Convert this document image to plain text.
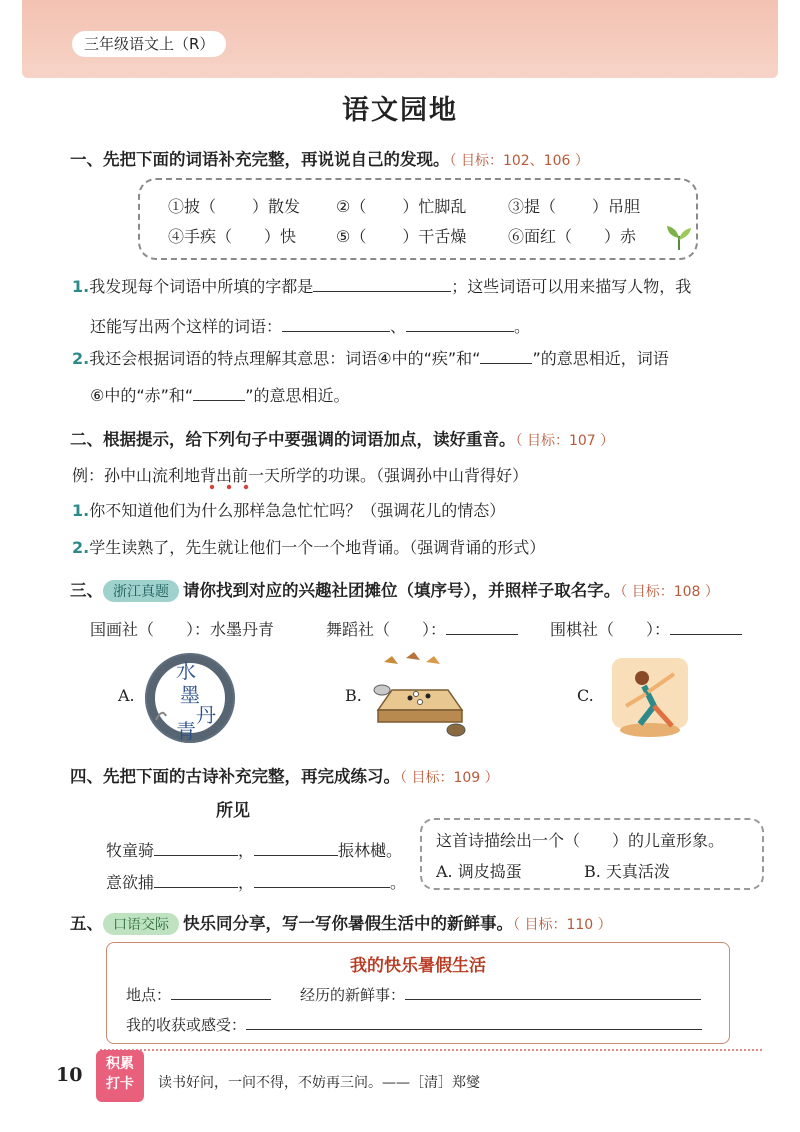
三年级语文上（R）
语文园地
一、先把下面的词语补充完整，再说说自己的发现。（ 目标：102、106 ）
①披（ ）散发 ②（ ）忙脚乱	③提（ ）吊胆
④手疾（ ）快 ⑤（ ）干舌燥	⑥面红（ ）赤
1.我发现每个词语中所填的字都是	；这些词语可以用来描写人物，我
还能写出两个这样的词语：	、	。
2.我还会根据词语的特点理解其意思：词语④中的“疾”和“	”的意思相近，词语
⑥中的“赤”和“	”的意思相近。
二、根据提示，给下列句子中要强调的词语加点，读好重音。（ 目标：107 ）
例：孙中山流利地背出前一天所学的功课。（强调孙中山背得好）
1.你不知道他们为什么那样急急忙忙吗？（强调花儿的情态）
2.学生读熟了，先生就让他们一个一个地背诵。（强调背诵的形式）
三、 浙江真题 请你找到对应的兴趣社团摊位（填序号），并照样子取名字。（ 目标：108 ）
国画社（　　）：水墨丹青	舞蹈社（　　）：	围棋社（　　）：
A.
水
墨
丹
青
B.	C.
四、先把下面的古诗补充完整，再完成练习。（ 目标：109 ）
所见
牧童骑	，	振林樾。
意欲捕	，	。
这首诗描绘出一个（　　）的儿童形象。
A. 调皮捣蛋	B. 天真活泼
五、 口语交际 快乐同分享，写一写你暑假生活中的新鲜事。（ 目标：110 ）
我的快乐暑假生活
地点：	经历的新鲜事：
我的收获或感受：
10	积累
打卡	读书好问，一问不得，不妨再三问。——［清］郑燮
